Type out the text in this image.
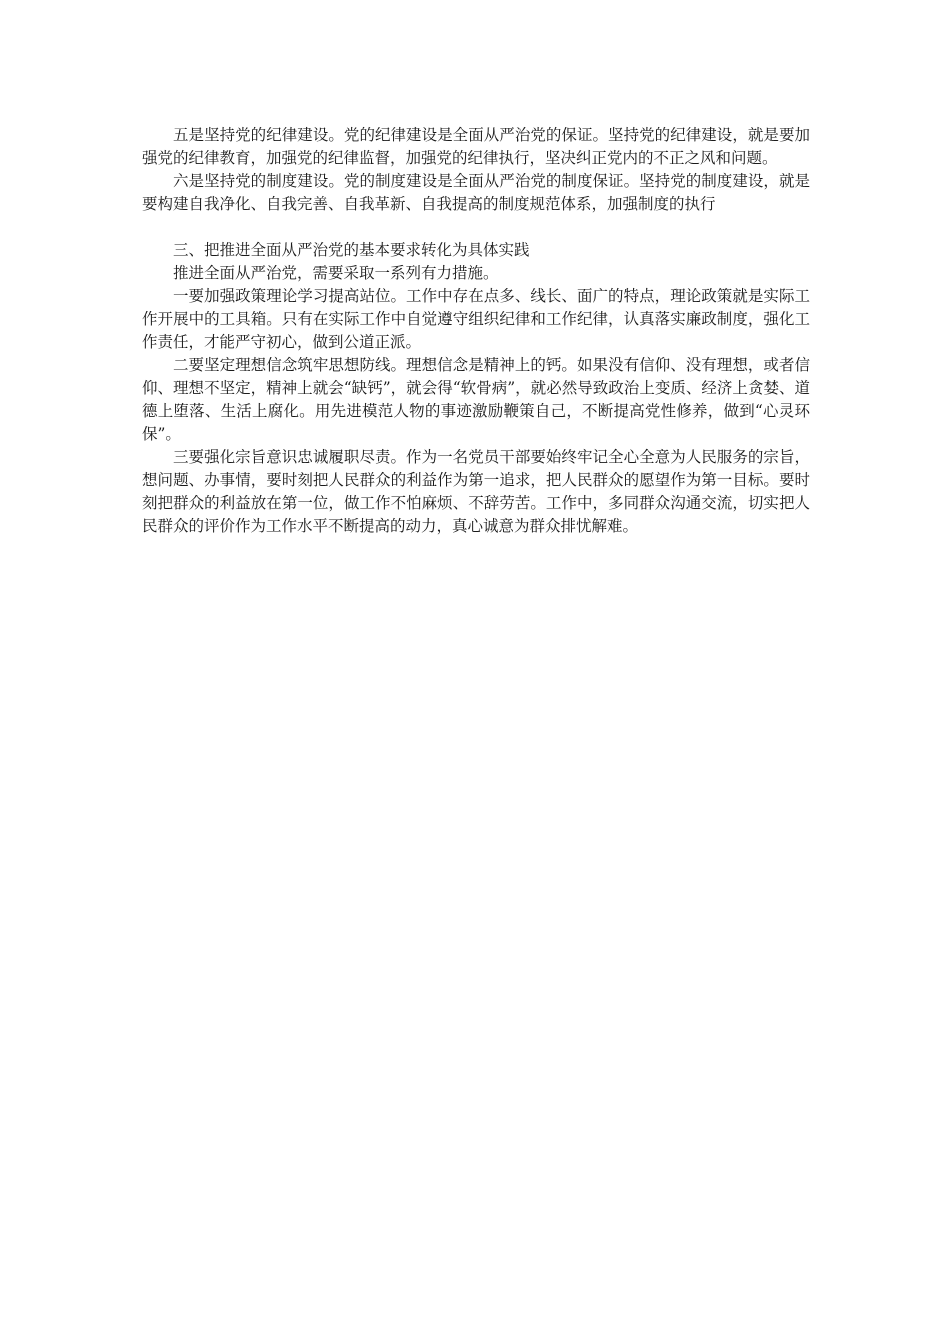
五是坚持党的纪律建设。党的纪律建设是全面从严治党的保证。坚持党的纪律建设，就是要加强党的纪律教育，加强党的纪律监督，加强党的纪律执行，坚决纠正党内的不正之风和问题。

六是坚持党的制度建设。党的制度建设是全面从严治党的制度保证。坚持党的制度建设，就是要构建自我净化、自我完善、自我革新、自我提高的制度规范体系，加强制度的执行

三、把推进全面从严治党的基本要求转化为具体实践

推进全面从严治党，需要采取一系列有力措施。

一要加强政策理论学习提高站位。工作中存在点多、线长、面广的特点，理论政策就是实际工作开展中的工具箱。只有在实际工作中自觉遵守组织纪律和工作纪律，认真落实廉政制度，强化工作责任，才能严守初心，做到公道正派。

二要坚定理想信念筑牢思想防线。理想信念是精神上的钙。如果没有信仰、没有理想，或者信仰、理想不坚定，精神上就会“缺钙”，就会得“软骨病”，就必然导致政治上变质、经济上贪婪、道德上堕落、生活上腐化。用先进模范人物的事迹激励鞭策自己，不断提高党性修养，做到“心灵环保”。

三要强化宗旨意识忠诚履职尽责。作为一名党员干部要始终牢记全心全意为人民服务的宗旨，想问题、办事情，要时刻把人民群众的利益作为第一追求，把人民群众的愿望作为第一目标。要时刻把群众的利益放在第一位，做工作不怕麻烦、不辞劳苦。工作中，多同群众沟通交流，切实把人民群众的评价作为工作水平不断提高的动力，真心诚意为群众排忧解难。
